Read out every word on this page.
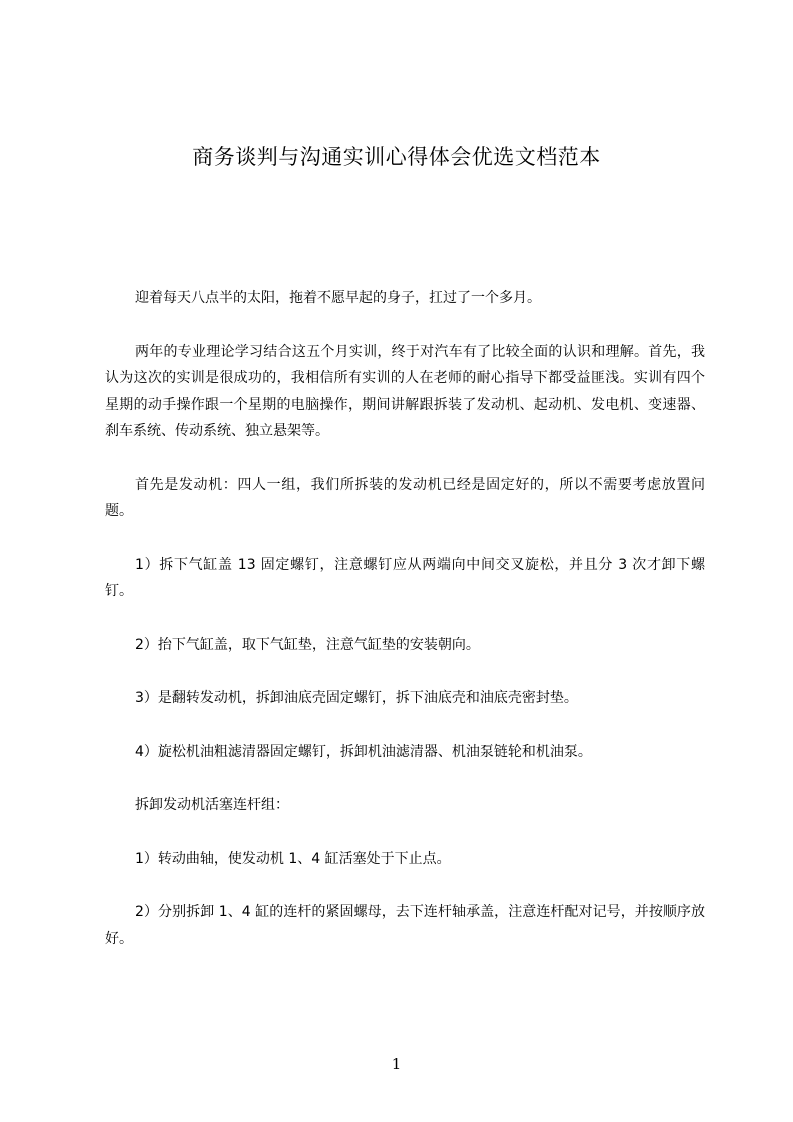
商务谈判与沟通实训心得体会优选文档范本

迎着每天八点半的太阳，拖着不愿早起的身子，扛过了一个多月。

两年的专业理论学习结合这五个月实训，终于对汽车有了比较全面的认识和理解。首先，我认为这次的实训是很成功的，我相信所有实训的人在老师的耐心指导下都受益匪浅。实训有四个星期的动手操作跟一个星期的电脑操作，期间讲解跟拆装了发动机、起动机、发电机、变速器、刹车系统、传动系统、独立悬架等。

首先是发动机：四人一组，我们所拆装的发动机已经是固定好的，所以不需要考虑放置问题。

1）拆下气缸盖 13 固定螺钉，注意螺钉应从两端向中间交叉旋松，并且分 3 次才卸下螺钉。

2）抬下气缸盖，取下气缸垫，注意气缸垫的安装朝向。

3）是翻转发动机，拆卸油底壳固定螺钉，拆下油底壳和油底壳密封垫。

4）旋松机油粗滤清器固定螺钉，拆卸机油滤清器、机油泵链轮和机油泵。

拆卸发动机活塞连杆组：

1）转动曲轴，使发动机 1、4 缸活塞处于下止点。

2）分别拆卸 1、4 缸的连杆的紧固螺母，去下连杆轴承盖，注意连杆配对记号，并按顺序放好。

1
